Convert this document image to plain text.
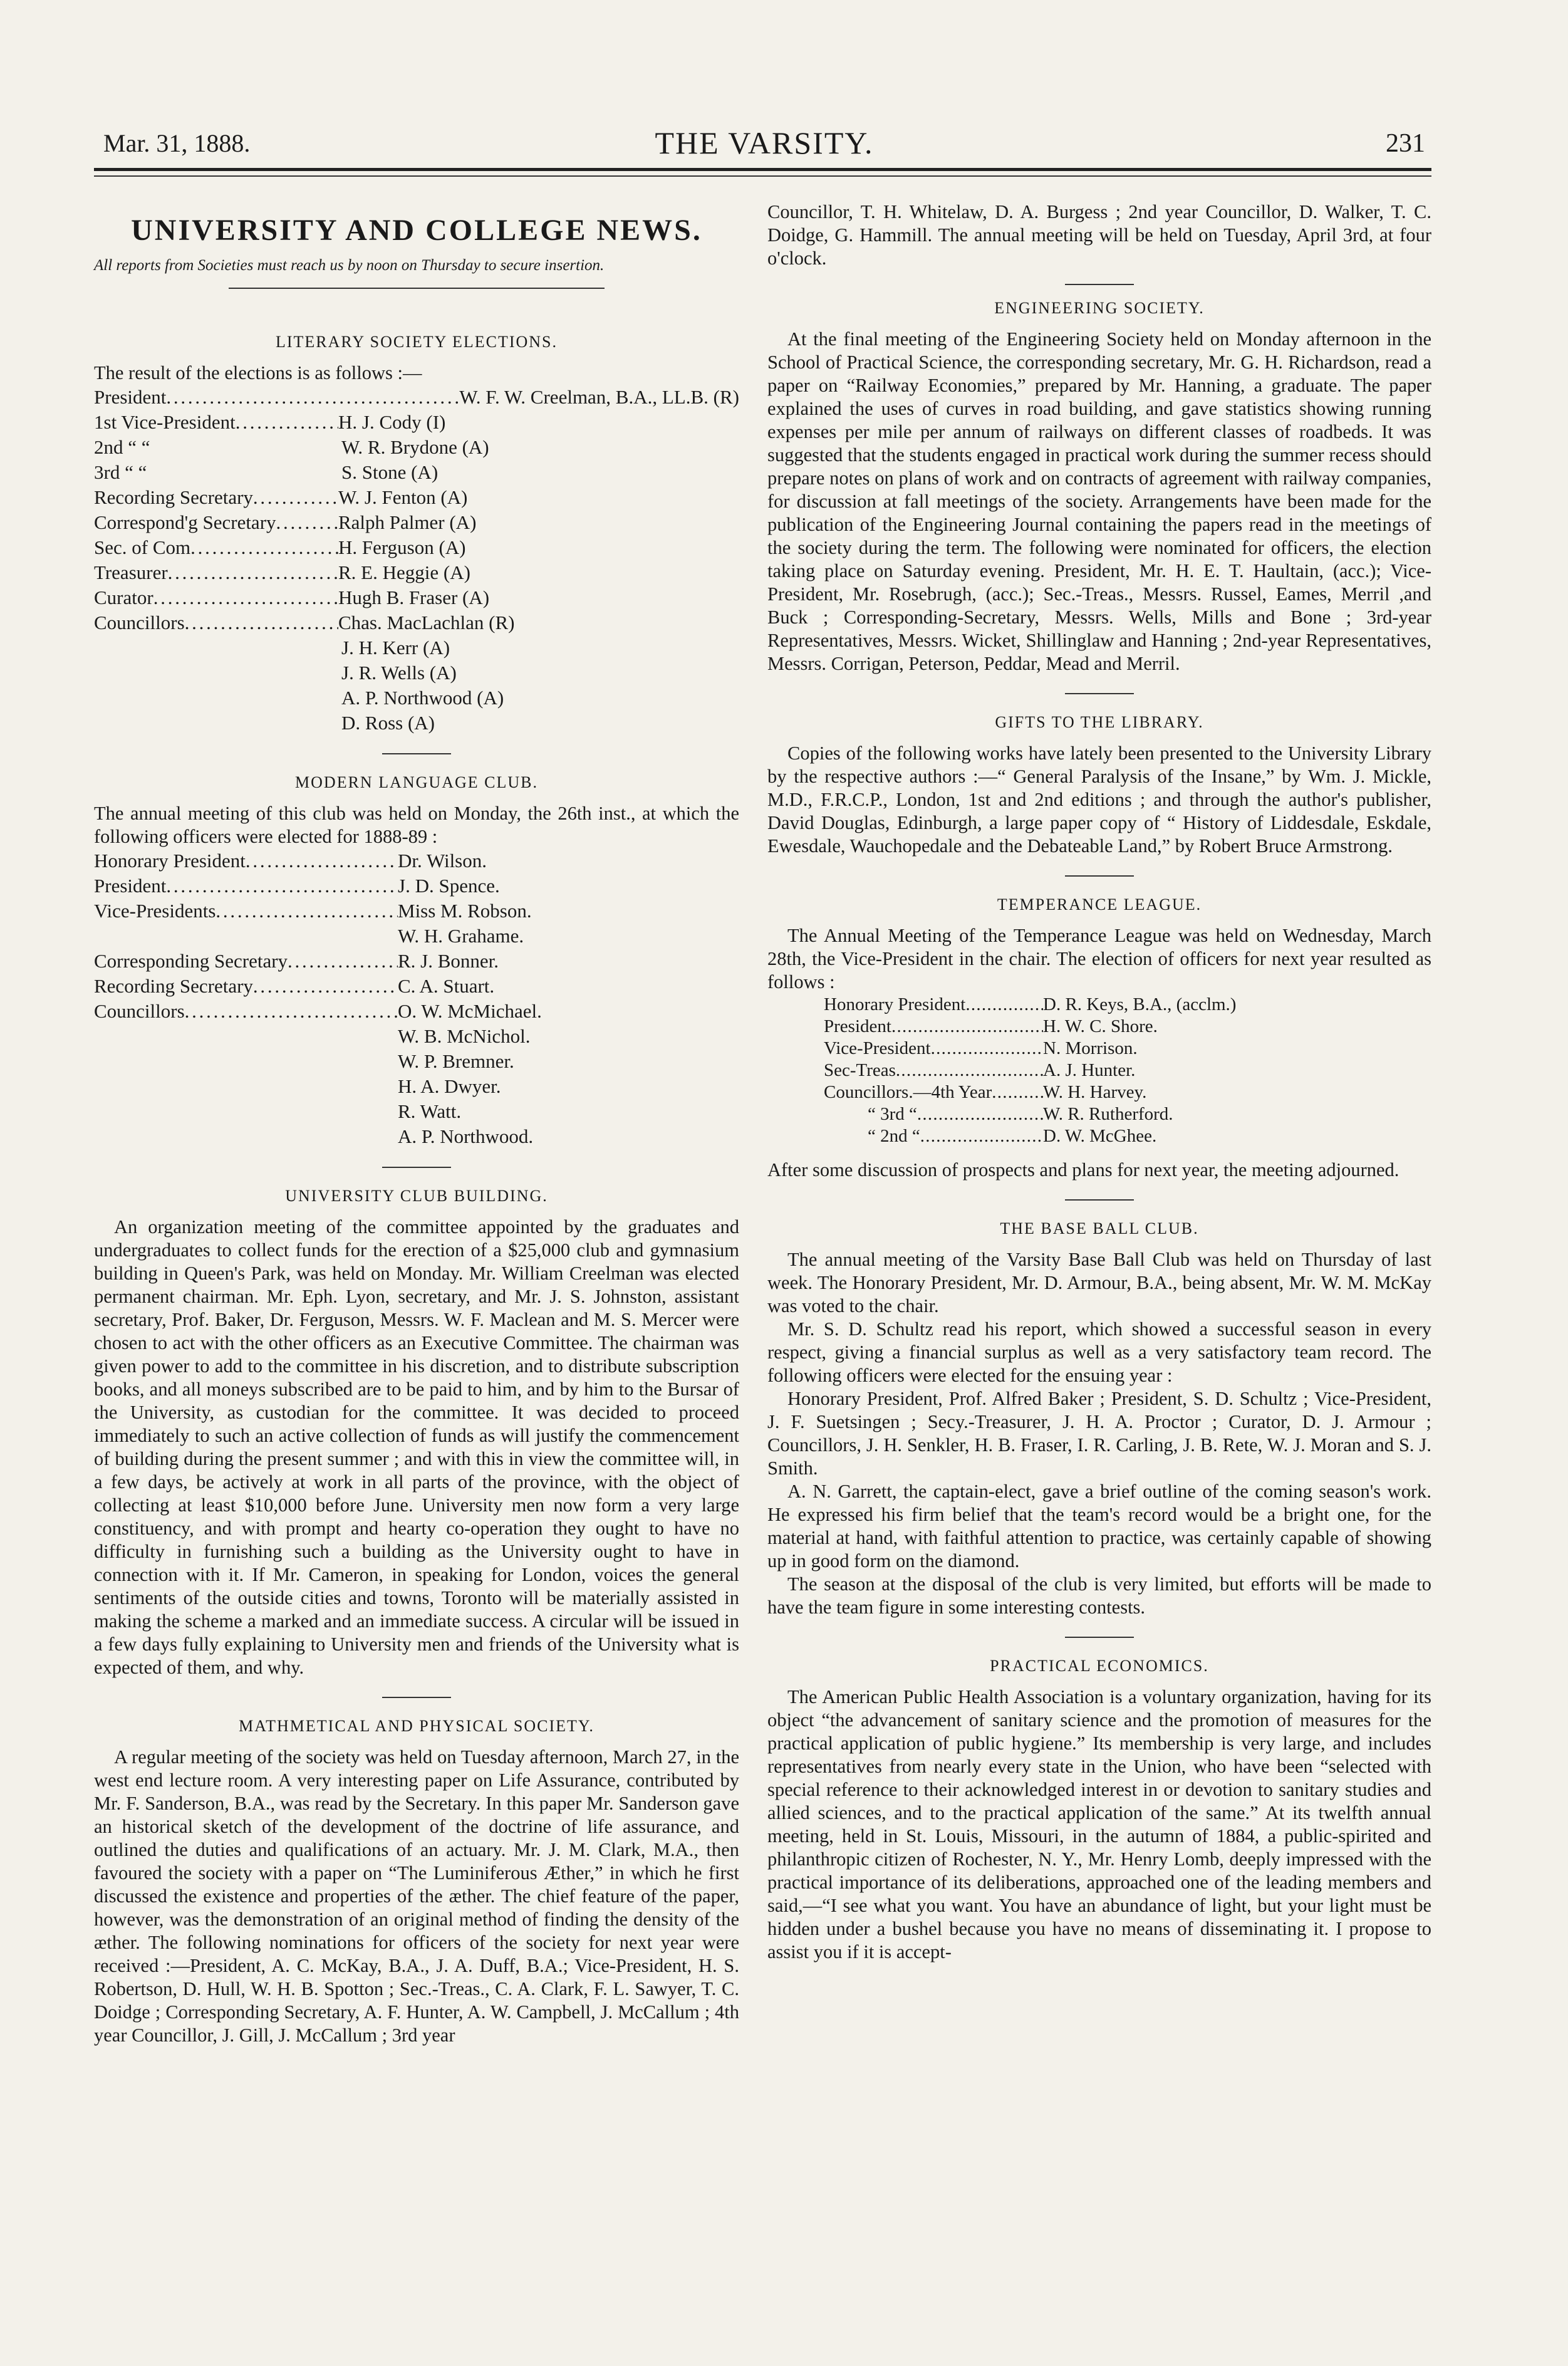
Mar. 31, 1888.	THE VARSITY.	231
UNIVERSITY AND COLLEGE NEWS.
All reports from Societies must reach us by noon on Thursday to secure insertion.
LITERARY SOCIETY ELECTIONS.

The result of the elections is as follows :—

President . . .	W. F. W. Creelman, B.A., LL.B. (R)
1st Vice-President . . .	H. J. Cody (I)
2nd “ “	W. R. Brydone (A)
3rd “ “	S. Stone (A)
Recording Secretary . . .	W. J. Fenton (A)
Correspond'g Secretary . . .	Ralph Palmer (A)
Sec. of Com . . .	H. Ferguson (A)
Treasurer . . .	R. E. Heggie (A)
Curator . . .	Hugh B. Fraser (A)
Councillors . . .	Chas. MacLachlan (R)
J. H. Kerr (A)
J. R. Wells (A)
A. P. Northwood (A)
D. Ross (A)
MODERN LANGUAGE CLUB.

The annual meeting of this club was held on Monday, the 26th inst., at which the following officers were elected for 1888-89 :

Honorary President . . .	Dr. Wilson.
President . . .	J. D. Spence.
Vice-Presidents . . .	Miss M. Robson.
W. H. Grahame.
Corresponding Secretary . . .	R. J. Bonner.
Recording Secretary . . .	C. A. Stuart.
Councillors . . .	O. W. McMichael.
W. B. McNichol.
W. P. Bremner.
H. A. Dwyer.
R. Watt.
A. P. Northwood.
UNIVERSITY CLUB BUILDING.

An organization meeting of the committee appointed by the graduates and undergraduates to collect funds for the erection of a $25,000 club and gymnasium building in Queen's Park, was held on Monday. Mr. William Creelman was elected permanent chairman. Mr. Eph. Lyon, secretary, and Mr. J. S. Johnston, assistant secretary, Prof. Baker, Dr. Ferguson, Messrs. W. F. Maclean and M. S. Mercer were chosen to act with the other officers as an Executive Committee. The chairman was given power to add to the committee in his discretion, and to distribute subscription books, and all moneys subscribed are to be paid to him, and by him to the Bursar of the University, as custodian for the committee. It was decided to proceed immediately to such an active collection of funds as will justify the commencement of building during the present summer ; and with this in view the committee will, in a few days, be actively at work in all parts of the province, with the object of collecting at least $10,000 before June. University men now form a very large constituency, and with prompt and hearty co-operation they ought to have no difficulty in furnishing such a building as the University ought to have in connection with it. If Mr. Cameron, in speaking for London, voices the general sentiments of the outside cities and towns, Toronto will be materially assisted in making the scheme a marked and an immediate success. A circular will be issued in a few days fully explaining to University men and friends of the University what is expected of them, and why.

MATHMETICAL AND PHYSICAL SOCIETY.

A regular meeting of the society was held on Tuesday afternoon, March 27, in the west end lecture room. A very interesting paper on Life Assurance, contributed by Mr. F. Sanderson, B.A., was read by the Secretary. In this paper Mr. Sanderson gave an historical sketch of the development of the doctrine of life assurance, and outlined the duties and qualifications of an actuary. Mr. J. M. Clark, M.A., then favoured the society with a paper on “The Luminiferous Æther,” in which he first discussed the existence and properties of the æther. The chief feature of the paper, however, was the demonstration of an original method of finding the density of the æther. The following nominations for officers of the society for next year were received :—President, A. C. McKay, B.A., J. A. Duff, B.A.; Vice-President, H. S. Robertson, D. Hull, W. H. B. Spotton ; Sec.-Treas., C. A. Clark, F. L. Sawyer, T. C. Doidge ; Corresponding Secretary, A. F. Hunter, A. W. Campbell, J. McCallum ; 4th year Councillor, J. Gill, J. McCallum ; 3rd year

Councillor, T. H. Whitelaw, D. A. Burgess ; 2nd year Councillor, D. Walker, T. C. Doidge, G. Hammill. The annual meeting will be held on Tuesday, April 3rd, at four o'clock.

ENGINEERING SOCIETY.

At the final meeting of the Engineering Society held on Monday afternoon in the School of Practical Science, the corresponding secretary, Mr. G. H. Richardson, read a paper on “Railway Economies,” prepared by Mr. Hanning, a graduate. The paper explained the uses of curves in road building, and gave statistics showing running expenses per mile per annum of railways on different classes of roadbeds. It was suggested that the students engaged in practical work during the summer recess should prepare notes on plans of work and on contracts of agreement with railway companies, for discussion at fall meetings of the society. Arrangements have been made for the publication of the Engineering Journal containing the papers read in the meetings of the society during the term. The following were nominated for officers, the election taking place on Saturday evening. President, Mr. H. E. T. Haultain, (acc.); Vice-President, Mr. Rosebrugh, (acc.); Sec.-Treas., Messrs. Russel, Eames, Merril ,and Buck ; Corresponding-Secretary, Messrs. Wells, Mills and Bone ; 3rd-year Representatives, Messrs. Wicket, Shillinglaw and Hanning ; 2nd-year Representatives, Messrs. Corrigan, Peterson, Peddar, Mead and Merril.

GIFTS TO THE LIBRARY.

Copies of the following works have lately been presented to the University Library by the respective authors :—“ General Paralysis of the Insane,” by Wm. J. Mickle, M.D., F.R.C.P., London, 1st and 2nd editions ; and through the author's publisher, David Douglas, Edinburgh, a large paper copy of “ History of Liddesdale, Eskdale, Ewesdale, Wauchopedale and the Debateable Land,” by Robert Bruce Armstrong.

TEMPERANCE LEAGUE.

The Annual Meeting of the Temperance League was held on Wednesday, March 28th, the Vice-President in the chair. The election of officers for next year resulted as follows :

Honorary President . . .	D. R. Keys, B.A., (acclm.)
President . . .	H. W. C. Shore.
Vice-President . . .	N. Morrison.
Sec-Treas . . .	A. J. Hunter.
Councillors.—4th Year . . .	W. H. Harvey.
“ 3rd “ . . .	W. R. Rutherford.
“ 2nd “ . . .	D. W. McGhee.

After some discussion of prospects and plans for next year, the meeting adjourned.

THE BASE BALL CLUB.

The annual meeting of the Varsity Base Ball Club was held on Thursday of last week. The Honorary President, Mr. D. Armour, B.A., being absent, Mr. W. M. McKay was voted to the chair.

Mr. S. D. Schultz read his report, which showed a successful season in every respect, giving a financial surplus as well as a very satisfactory team record. The following officers were elected for the ensuing year :

Honorary President, Prof. Alfred Baker ; President, S. D. Schultz ; Vice-President, J. F. Suetsingen ; Secy.-Treasurer, J. H. A. Proctor ; Curator, D. J. Armour ; Councillors, J. H. Senkler, H. B. Fraser, I. R. Carling, J. B. Rete, W. J. Moran and S. J. Smith.

A. N. Garrett, the captain-elect, gave a brief outline of the coming season's work. He expressed his firm belief that the team's record would be a bright one, for the material at hand, with faithful attention to practice, was certainly capable of showing up in good form on the diamond.

The season at the disposal of the club is very limited, but efforts will be made to have the team figure in some interesting contests.

PRACTICAL ECONOMICS.

The American Public Health Association is a voluntary organization, having for its object “the advancement of sanitary science and the promotion of measures for the practical application of public hygiene.” Its membership is very large, and includes representatives from nearly every state in the Union, who have been “selected with special reference to their acknowledged interest in or devotion to sanitary studies and allied sciences, and to the practical application of the same.” At its twelfth annual meeting, held in St. Louis, Missouri, in the autumn of 1884, a public-spirited and philanthropic citizen of Rochester, N. Y., Mr. Henry Lomb, deeply impressed with the practical importance of its deliberations, approached one of the leading members and said,—“I see what you want. You have an abundance of light, but your light must be hidden under a bushel because you have no means of disseminating it. I propose to assist you if it is accept-
